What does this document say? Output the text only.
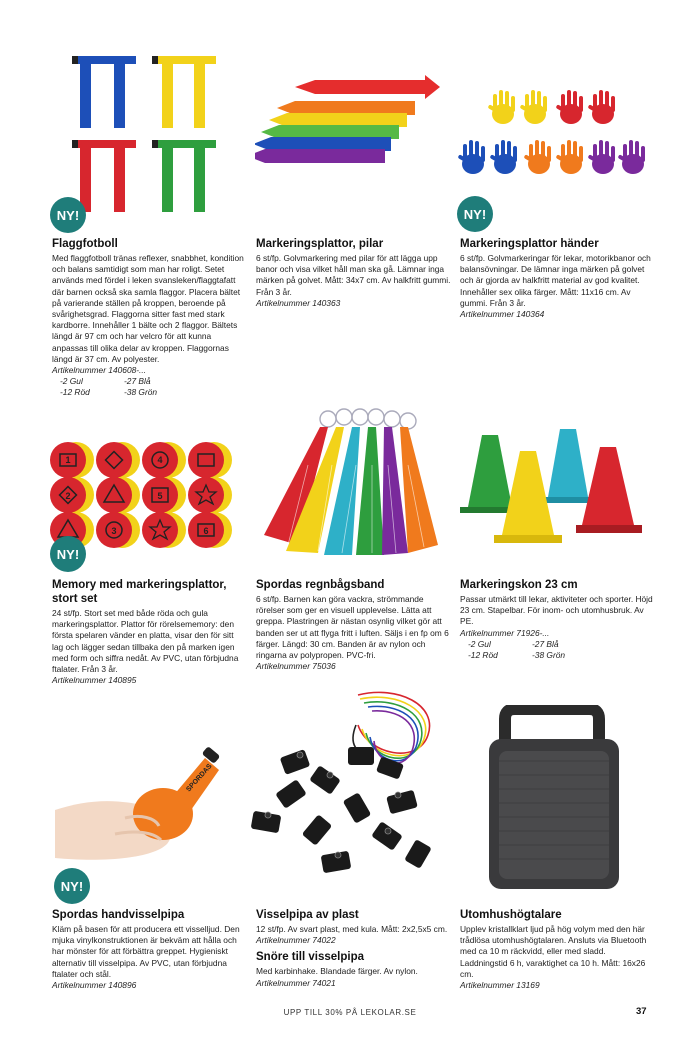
NY!
Flaggfotboll

Med flaggfotboll tränas reflexer, snabbhet, kondition och balans samtidigt som man har roligt. Setet används med fördel i leken svansleken/flaggtafatt där barnen också ska samla flaggor. Placera bältet på varierande ställen på kroppen, beroende på svårighetsgrad. Flaggorna sitter fast med stark kardborre. Innehåller 1 bälte och 2 flaggor. Bältets längd är 97 cm och har velcro för att kunna anpassas till olika delar av kroppen. Flaggornas längd är 37 cm. Av polyester.

Artikelnummer 140608-...

-2 Gul	-27 Blå
-12 Röd	-38 Grön
Markeringsplattor, pilar

6 st/fp. Golvmarkering med pilar för att lägga upp banor och visa vilket håll man ska gå. Lämnar inga märken på golvet. Mått: 34x7 cm. Av halkfritt gummi. Från 3 år.

Artikelnummer 140363

NY!
Markeringsplattor händer

6 st/fp. Golvmarkeringar för lekar, motorikbanor och balansövningar. De lämnar inga märken på golvet och är gjorda av halkfritt material av god kvalitet. Innehåller sex olika färger. Mått: 11x16 cm. Av gummi. Från 3 år.

Artikelnummer 140364

1	4
2	5
3	6
NY!
Memory med markeringsplattor, stort set

24 st/fp. Stort set med både röda och gula markeringsplattor. Plattor för rörelsememory: den första spelaren vänder en platta, visar den för sitt lag och lägger sedan tillbaka den på marken igen med form och siffra nedåt. Av PVC, utan förbjudna ftalater. Från 3 år.

Artikelnummer 140895

Spordas regnbågsband

6 st/fp. Barnen kan göra vackra, strömmande rörelser som ger en visuell upplevelse. Lätta att greppa. Plastringen är nästan osynlig vilket gör att banden ser ut att flyga fritt i luften. Säljs i en fp om 6 färger. Längd: 30 cm. Banden är av nylon och ringarna av polypropen. PVC-fri.

Artikelnummer 75036

Markeringskon 23 cm

Passar utmärkt till lekar, aktiviteter och sporter. Höjd 23 cm. Stapelbar. För inom- och utomhusbruk. Av PE.

Artikelnummer 71926-...

-2 Gul	-27 Blå
-12 Röd	-38 Grön
SPORDAS
NY!
Spordas handvisselpipa

Kläm på basen för att producera ett visselljud. Den mjuka vinylkonstruktionen är bekväm att hålla och har mönster för att förbättra greppet. Hygieniskt alternativ till visselpipa. Av PVC, utan förbjudna ftalater och stål.

Artikelnummer 140896

Visselpipa av plast

12 st/fp. Av svart plast, med kula. Mått: 2x2,5x5 cm.

Artikelnummer 74022

Snöre till visselpipa

Med karbinhake. Blandade färger. Av nylon.

Artikelnummer 74021

Utomhushögtalare

Upplev kristallklart ljud på hög volym med den här trådlösa utomhushögtalaren. Ansluts via Bluetooth med ca 10 m räckvidd, eller med sladd. Laddningstid 6 h, varaktighet ca 10 h. Mått: 16x26 cm.

Artikelnummer 13169

UPP TILL 30% PÅ LEKOLAR.SE	37
